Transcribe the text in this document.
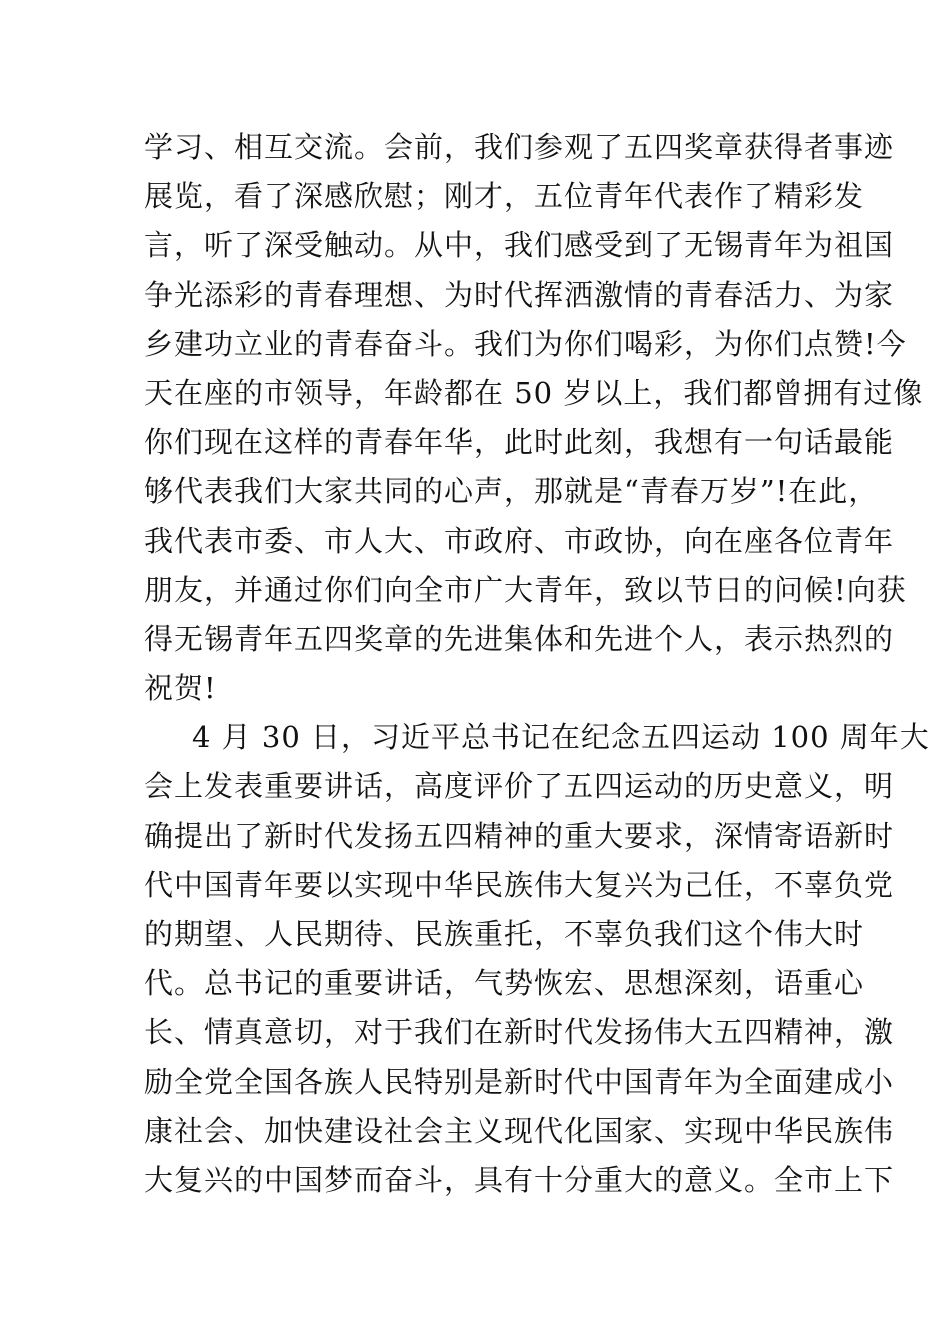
学习、相互交流。会前，我们参观了五四奖章获得者事迹
展览，看了深感欣慰；刚才，五位青年代表作了精彩发
言，听了深受触动。从中，我们感受到了无锡青年为祖国
争光添彩的青春理想、为时代挥洒激情的青春活力、为家
乡建功立业的青春奋斗。我们为你们喝彩，为你们点赞!今
天在座的市领导，年龄都在 50 岁以上，我们都曾拥有过像
你们现在这样的青春年华，此时此刻，我想有一句话最能
够代表我们大家共同的心声，那就是“青春万岁”!在此，
我代表市委、市人大、市政府、市政协，向在座各位青年
朋友，并通过你们向全市广大青年，致以节日的问候!向获
得无锡青年五四奖章的先进集体和先进个人，表示热烈的
祝贺!
4 月 30 日，习近平总书记在纪念五四运动 100 周年大
会上发表重要讲话，高度评价了五四运动的历史意义，明
确提出了新时代发扬五四精神的重大要求，深情寄语新时
代中国青年要以实现中华民族伟大复兴为己任，不辜负党
的期望、人民期待、民族重托，不辜负我们这个伟大时
代。总书记的重要讲话，气势恢宏、思想深刻，语重心
长、情真意切，对于我们在新时代发扬伟大五四精神，激
励全党全国各族人民特别是新时代中国青年为全面建成小
康社会、加快建设社会主义现代化国家、实现中华民族伟
大复兴的中国梦而奋斗，具有十分重大的意义。全市上下
